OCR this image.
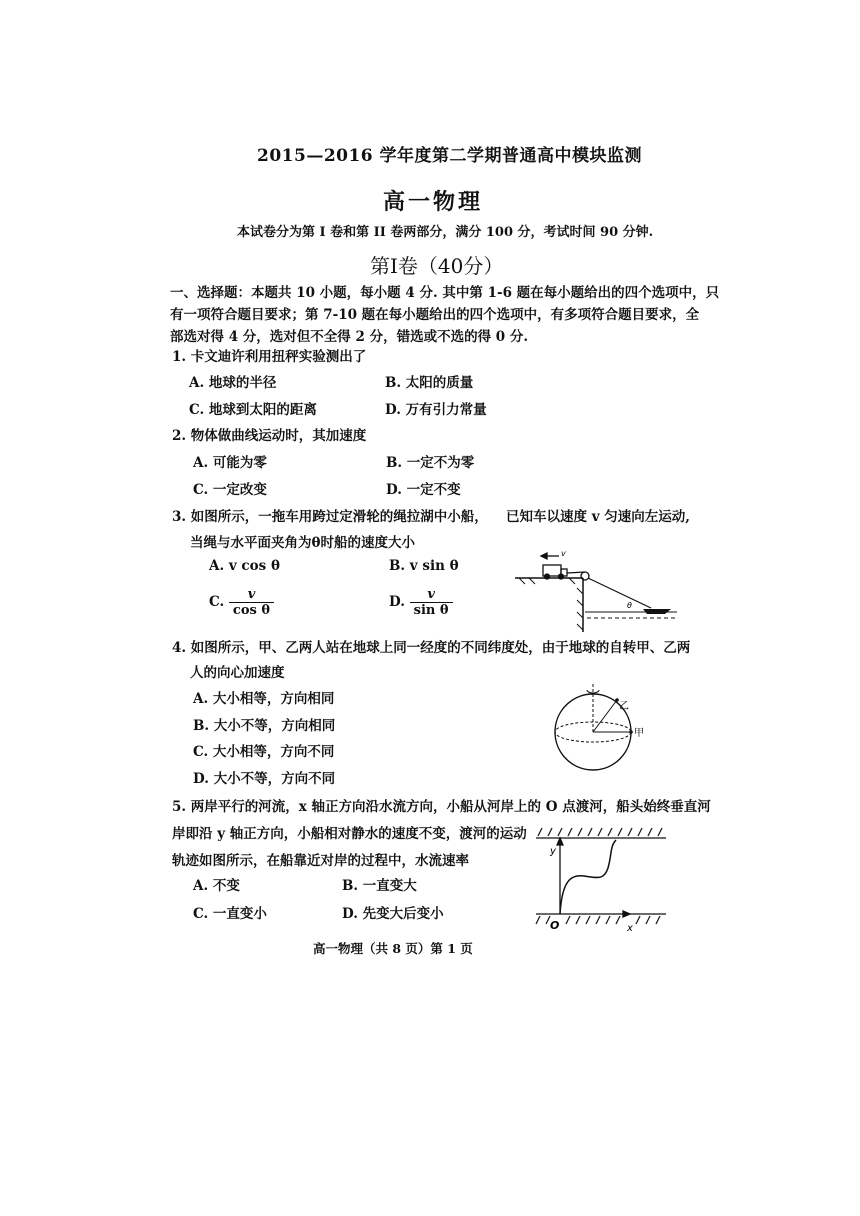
2015—2016 学年度第二学期普通高中模块监测
高一物理
本试卷分为第 I 卷和第 II 卷两部分，满分 100 分，考试时间 90 分钟.
第Ⅰ卷（40分）
一、选择题：本题共 10 小题，每小题 4 分. 其中第 1-6 题在每小题给出的四个选项中，只
有一项符合题目要求；第 7-10 题在每小题给出的四个选项中，有多项符合题目要求，全
部选对得 4 分，选对但不全得 2 分，错选或不选的得 0 分.
1. 卡文迪许利用扭秤实验测出了
A. 地球的半径	B. 太阳的质量
C. 地球到太阳的距离	D. 万有引力常量
2. 物体做曲线运动时，其加速度
A. 可能为零	B. 一定不为零
C. 一定改变	D. 一定不变
3. 如图所示，一拖车用跨过定滑轮的绳拉湖中小船， 已知车以速度 v 匀速向左运动,
当绳与水平面夹角为θ时船的速度大小
A. v cos θ	B. v sin θ
C. $\frac{v}{\text{cos θ}}$	D. $\frac{v}{\text{sin θ}}$
v
θ
4. 如图所示，甲、乙两人站在地球上同一经度的不同纬度处，由于地球的自转甲、乙两
人的向心加速度
A. 大小相等，方向相同
B. 大小不等，方向相同
C. 大小相等，方向不同
D. 大小不等，方向不同
乙
甲
5. 两岸平行的河流，x 轴正方向沿水流方向，小船从河岸上的 O 点渡河，船头始终垂直河
岸即沿 y 轴正方向，小船相对静水的速度不变，渡河的运动
轨迹如图所示，在船靠近对岸的过程中，水流速率
A. 不变	B. 一直变大
C. 一直变小	D. 先变大后变小
y
x
O
高一物理（共 8 页）第 1 页
